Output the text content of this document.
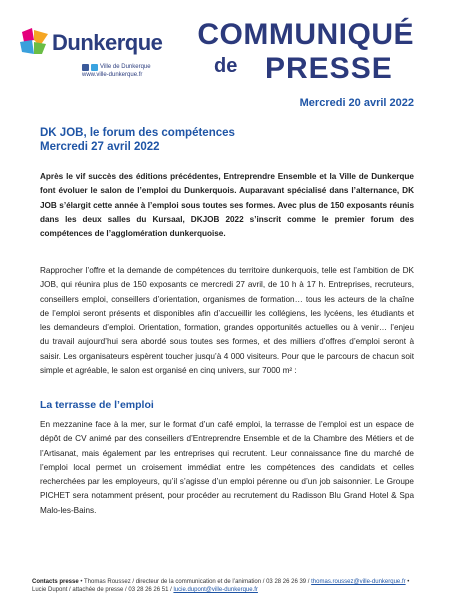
Dunkerque
Ville de Dunkerque
www.ville-dunkerque.fr
COMMUNIQUÉ
de PRESSE
Mercredi 20 avril 2022
DK JOB, le forum des compétences
Mercredi 27 avril 2022
Après le vif succès des éditions précédentes, Entreprendre Ensemble et la Ville de Dunkerque font évoluer le salon de l’emploi du Dunkerquois. Auparavant spécialisé dans l’alternance, DK JOB s’élargit cette année à l’emploi sous toutes ses formes. Avec plus de 150 exposants réunis dans les deux salles du Kursaal, DKJOB 2022 s’inscrit comme le premier forum des compétences de l’agglomération dunkerquoise.
Rapprocher l’offre et la demande de compétences du territoire dunkerquois, telle est l’ambition de DK JOB, qui réunira plus de 150 exposants ce mercredi 27 avril, de 10 h à 17 h. Entreprises, recruteurs, conseillers emploi, conseillers d’orientation, organismes de formation… tous les acteurs de la chaîne de l’emploi seront présents et disponibles afin d’accueillir les collégiens, les lycéens, les étudiants et les demandeurs d’emploi. Orientation, formation, grandes opportunités actuelles ou à venir… l’enjeu du travail aujourd’hui sera abordé sous toutes ses formes, et des milliers d’offres d’emploi seront à saisir. Les organisateurs espèrent toucher jusqu’à 4 000 visiteurs. Pour que le parcours de chacun soit simple et agréable, le salon est organisé en cinq univers, sur 7000 m² :
La terrasse de l’emploi
En mezzanine face à la mer, sur le format d’un café emploi, la terrasse de l’emploi est un espace de dépôt de CV animé par des conseillers d’Entreprendre Ensemble et de la Chambre des Métiers et de l’Artisanat, mais également par les entreprises qui recrutent. Leur connaissance fine du marché de l’emploi local permet un croisement immédiat entre les compétences des candidats et celles recherchées par les employeurs, qu’il s’agisse d’un emploi pérenne ou d’un job saisonnier. Le Groupe PICHET sera notamment présent, pour procéder au recrutement du Radisson Blu Grand Hotel & Spa Malo-les-Bains.
Contacts presse • Thomas Roussez / directeur de la communication et de l’animation / 03 28 26 26 39 / thomas.roussez@ville-dunkerque.fr • Lucie Dupont / attachée de presse / 03 28 26 26 51 / lucie.dupont@ville-dunkerque.fr
